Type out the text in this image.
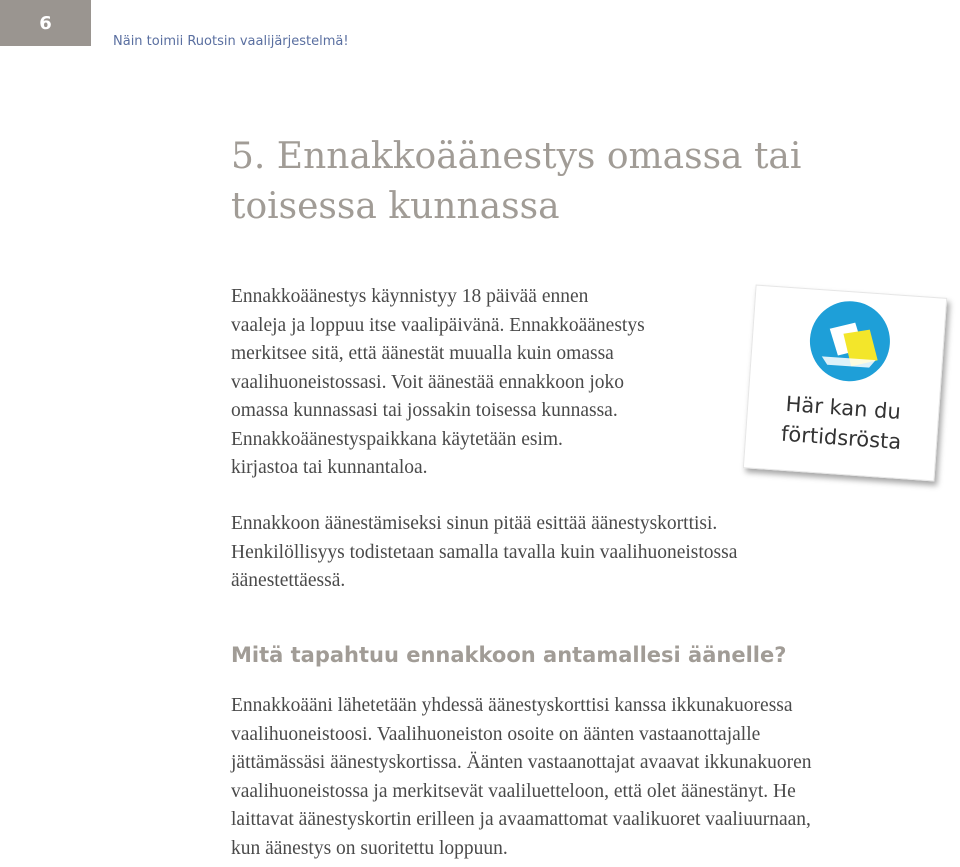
6
Näin toimii Ruotsin vaalijärjestelmä!
5. Ennakkoäänestys omassa tai
toisessa kunnassa

Ennakkoäänestys käynnistyy 18 päivää ennen
vaaleja ja loppuu itse vaalipäivänä. Ennakkoäänestys
merkitsee sitä, että äänestät muualla kuin omassa
vaalihuoneistossasi. Voit äänestää ennakkoon joko
omassa kunnassasi tai jossakin toisessa kunnassa.
Ennakkoäänestyspaikkana käytetään esim.
kirjastoa tai kunnantaloa.

Här kan du
förtidsrösta

Ennakkoon äänestämiseksi sinun pitää esittää äänestyskorttisi.
Henkilöllisyys todistetaan samalla tavalla kuin vaalihuoneistossa
äänestettäessä.

Mitä tapahtuu ennakkoon antamallesi äänelle?

Ennakkoääni lähetetään yhdessä äänestyskorttisi kanssa ikkunakuoressa
vaalihuoneistoosi. Vaalihuoneiston osoite on äänten vastaanottajalle
jättämässäsi äänestyskortissa. Äänten vastaanottajat avaavat ikkunakuoren
vaalihuoneistossa ja merkitsevät vaaliluetteloon, että olet äänestänyt. He
laittavat äänestyskortin erilleen ja avaamattomat vaalikuoret vaaliuurnaan,
kun äänestys on suoritettu loppuun.
